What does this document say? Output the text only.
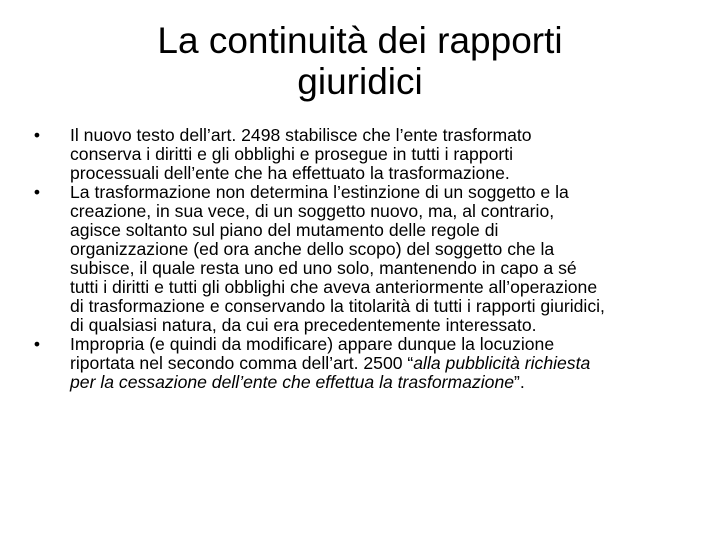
La continuità dei rapporti
giuridici
• Il nuovo testo dell’art. 2498 stabilisce che l’ente trasformato
conserva i diritti e gli obblighi e prosegue in tutti i rapporti
processuali dell’ente che ha effettuato la trasformazione.
• La trasformazione non determina l’estinzione di un soggetto e la
creazione, in sua vece, di un soggetto nuovo, ma, al contrario,
agisce soltanto sul piano del mutamento delle regole di
organizzazione (ed ora anche dello scopo) del soggetto che la
subisce, il quale resta uno ed uno solo, mantenendo in capo a sé
tutti i diritti e tutti gli obblighi che aveva anteriormente all’operazione
di trasformazione e conservando la titolarità di tutti i rapporti giuridici,
di qualsiasi natura, da cui era precedentemente interessato.
• Impropria (e quindi da modificare) appare dunque la locuzione
riportata nel secondo comma dell’art. 2500 “alla pubblicità richiesta
per la cessazione dell’ente che effettua la trasformazione”.
